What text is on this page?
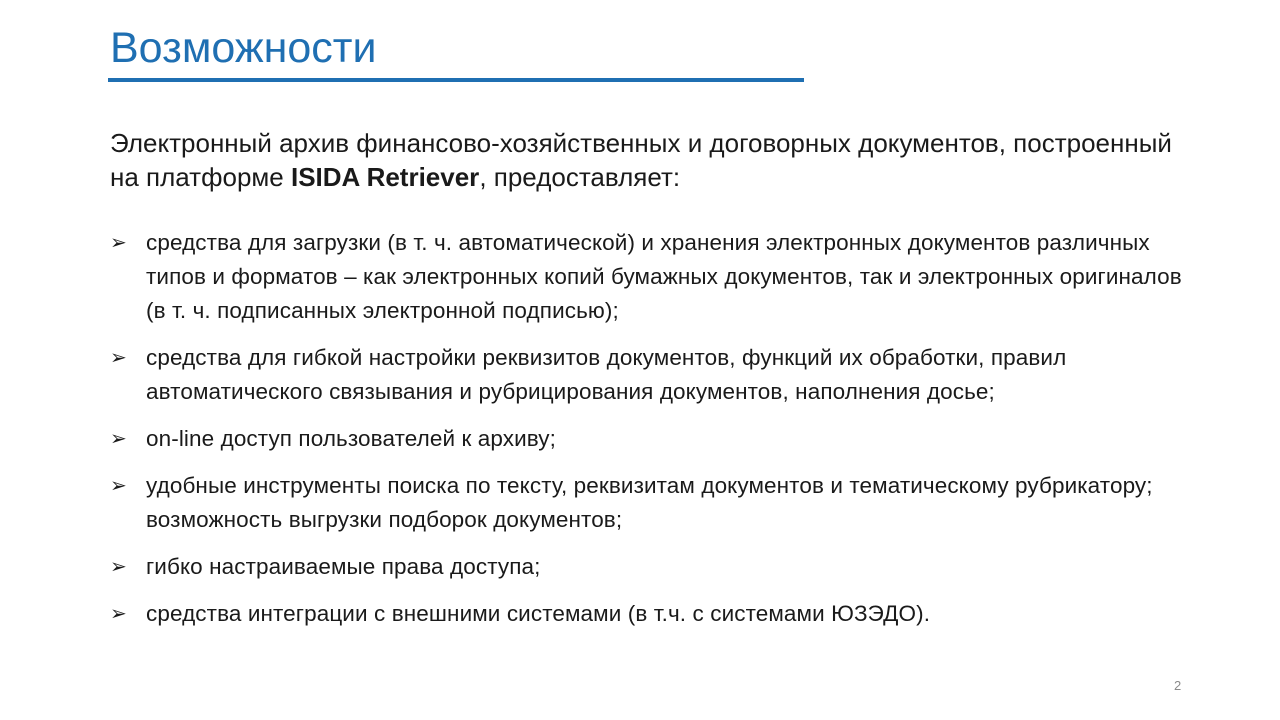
Возможности
Электронный архив финансово-хозяйственных и договорных документов, построенный на платформе ISIDA Retriever, предоставляет:
➢ средства для загрузки (в т. ч. автоматической) и хранения электронных документов различных типов и форматов – как электронных копий бумажных документов, так и электронных оригиналов (в т. ч. подписанных электронной подписью);
➢ средства для гибкой настройки реквизитов документов, функций их обработки, правил автоматического связывания и рубрицирования документов, наполнения досье;
➢ on-line доступ пользователей к архиву;
➢ удобные инструменты поиска по тексту, реквизитам документов и тематическому рубрикатору; возможность выгрузки подборок документов;
➢ гибко настраиваемые права доступа;
➢ средства интеграции с внешними системами (в т.ч. с системами ЮЗЭДО).
2
